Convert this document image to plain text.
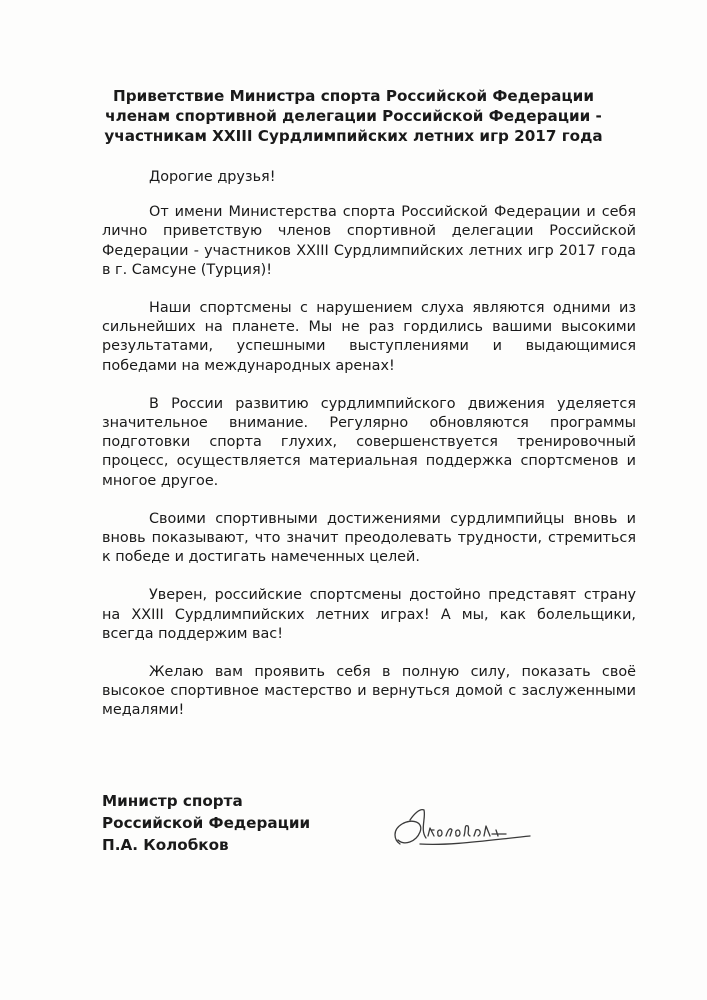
Приветствие Министра спорта Российской Федерации
членам спортивной делегации Российской Федерации -
участникам XXIII Сурдлимпийских летних игр 2017 года

Дорогие друзья!

От имени Министерства спорта Российской Федерации и себя лично приветствую членов спортивной делегации Российской Федерации - участников XXIII Сурдлимпийских летних игр 2017 года в г. Самсуне (Турция)!

Наши спортсмены с нарушением слуха являются одними из сильнейших на планете. Мы не раз гордились вашими высокими результатами, успешными выступлениями и выдающимися победами на международных аренах!

В России развитию сурдлимпийского движения уделяется значительное внимание. Регулярно обновляются программы подготовки спорта глухих, совершенствуется тренировочный процесс, осуществляется материальная поддержка спортсменов и многое другое.

Своими спортивными достижениями сурдлимпийцы вновь и вновь показывают, что значит преодолевать трудности, стремиться к победе и достигать намеченных целей.

Уверен, российские спортсмены достойно представят страну на XXIII Сурдлимпийских летних играх! А мы, как болельщики, всегда поддержим вас!

Желаю вам проявить себя в полную силу, показать своё высокое спортивное мастерство и вернуться домой с заслуженными медалями!

Министр спорта
Российской Федерации
П.А. Колобков
